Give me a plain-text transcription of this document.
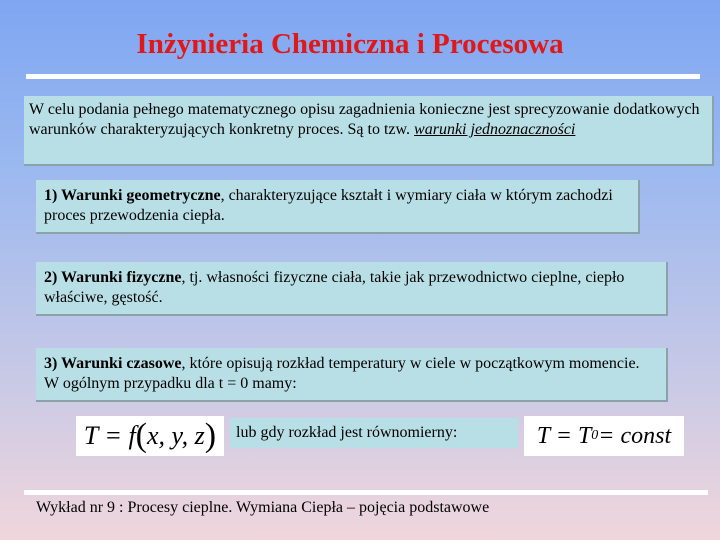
Inżynieria Chemiczna i Procesowa
W celu podania pełnego matematycznego opisu zagadnienia konieczne jest sprecyzowanie dodatkowych warunków charakteryzujących konkretny proces. Są to tzw. warunki jednoznaczności
1) Warunki geometryczne, charakteryzujące kształt i wymiary ciała w którym zachodzi proces przewodzenia ciepła.
2) Warunki fizyczne, tj. własności fizyczne ciała, takie jak przewodnictwo cieplne, ciepło właściwe, gęstość.
3) Warunki czasowe, które opisują rozkład temperatury w ciele w początkowym momencie. W ogólnym przypadku dla t = 0 mamy:
T = f ( x, y, z )	lub gdy rozkład jest równomierny:	T = T 0 = const
Wykład nr 9 : Procesy cieplne. Wymiana Ciepła – pojęcia podstawowe
